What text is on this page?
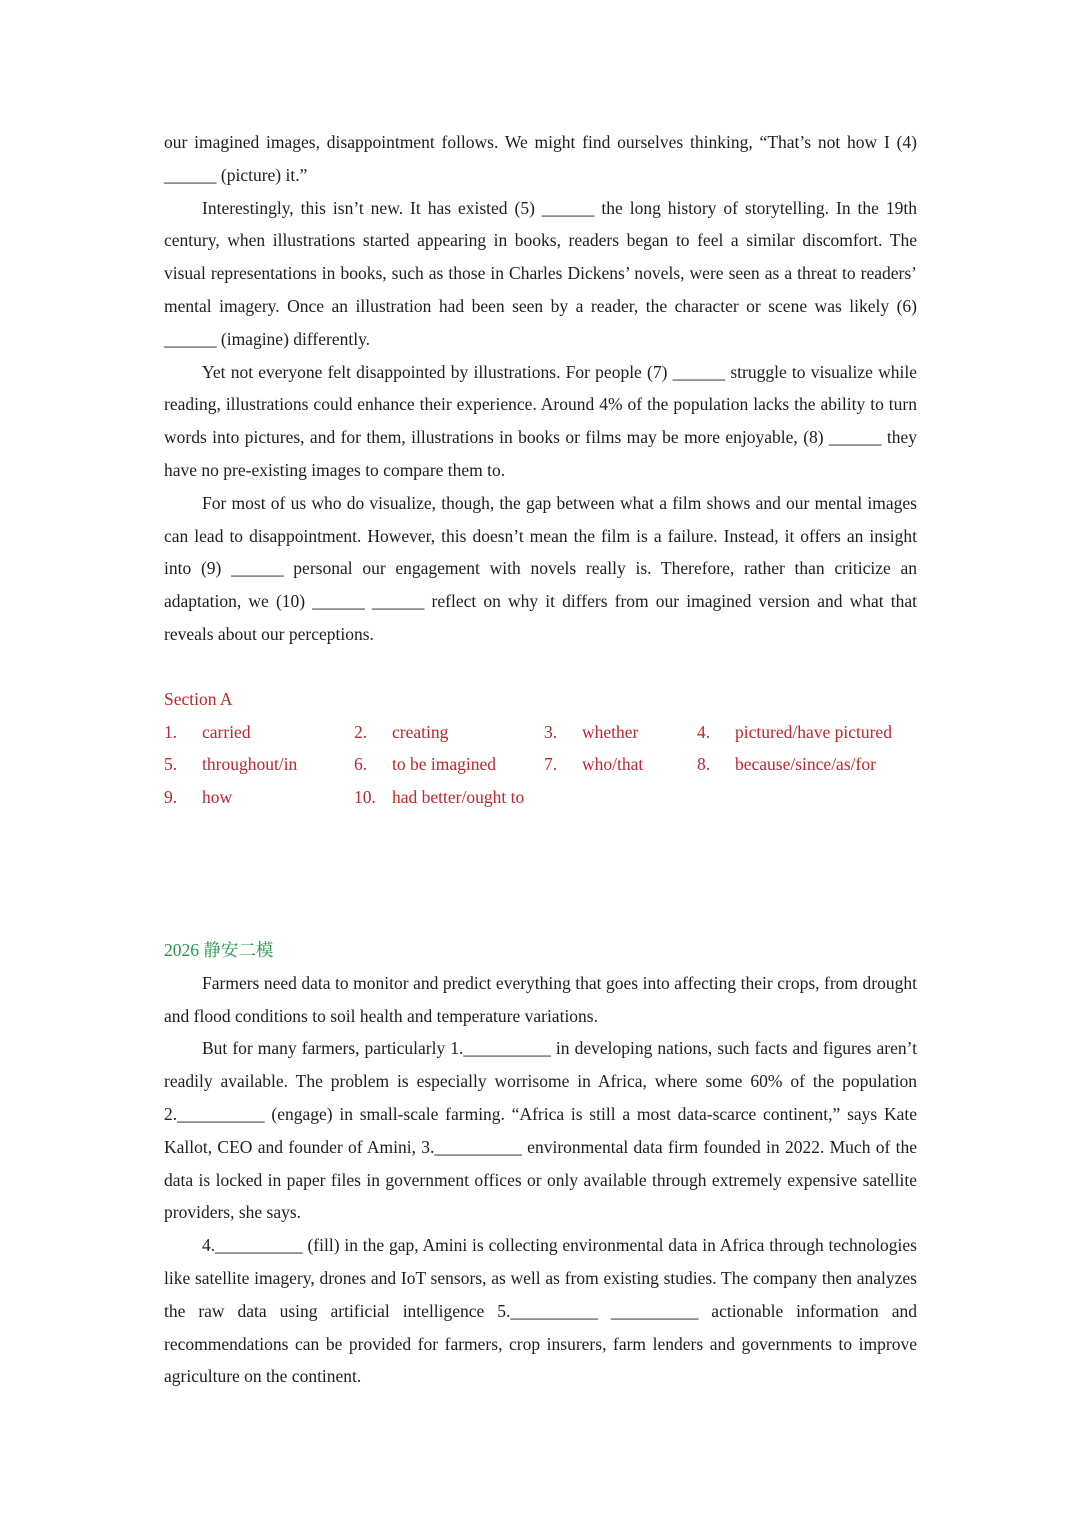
our imagined images, disappointment follows. We might find ourselves thinking, “That’s not how I (4) ______ (picture) it.”

Interestingly, this isn’t new. It has existed (5) ______ the long history of storytelling. In the 19th century, when illustrations started appearing in books, readers began to feel a similar discomfort. The visual representations in books, such as those in Charles Dickens’ novels, were seen as a threat to readers’ mental imagery. Once an illustration had been seen by a reader, the character or scene was likely (6) ______ (imagine) differently.

Yet not everyone felt disappointed by illustrations. For people (7) ______ struggle to visualize while reading, illustrations could enhance their experience. Around 4% of the population lacks the ability to turn words into pictures, and for them, illustrations in books or films may be more enjoyable, (8) ______ they have no pre-existing images to compare them to.

For most of us who do visualize, though, the gap between what a film shows and our mental images can lead to disappointment. However, this doesn’t mean the film is a failure. Instead, it offers an insight into (9) ______ personal our engagement with novels really is. Therefore, rather than criticize an adaptation, we (10) ______ ______ reflect on why it differs from our imagined version and what that reveals about our perceptions.

Section A

1.	carried	2.	creating	3.	whether	4.	pictured/have pictured
5.	throughout/in	6.	to be imagined	7.	who/that	8.	because/since/as/for
9.	how	10. had better/ought to

2026 静安二模

Farmers need data to monitor and predict everything that goes into affecting their crops, from drought and flood conditions to soil health and temperature variations.

But for many farmers, particularly 1.__________ in developing nations, such facts and figures aren’t readily available. The problem is especially worrisome in Africa, where some 60% of the population 2.__________ (engage) in small-scale farming. “Africa is still a most data-scarce continent,” says Kate Kallot, CEO and founder of Amini, 3.__________ environmental data firm founded in 2022. Much of the data is locked in paper files in government offices or only available through extremely expensive satellite providers, she says.

4.__________ (fill) in the gap, Amini is collecting environmental data in Africa through technologies like satellite imagery, drones and IoT sensors, as well as from existing studies. The company then analyzes the raw data using artificial intelligence 5.__________ __________ actionable information and recommendations can be provided for farmers, crop insurers, farm lenders and governments to improve agriculture on the continent.
